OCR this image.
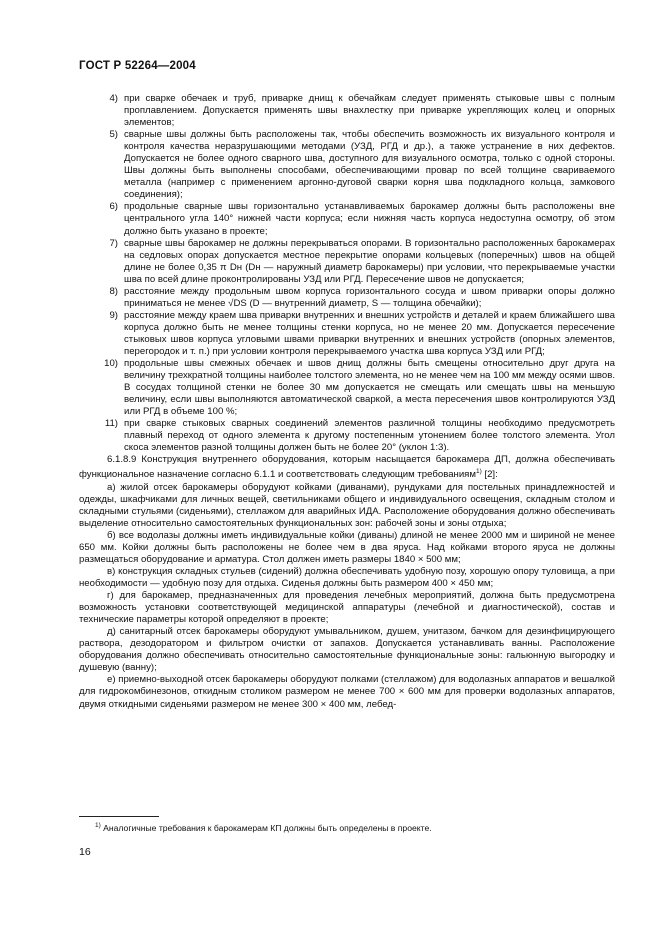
ГОСТ Р 52264—2004
4) при сварке обечаек и труб, приварке днищ к обечайкам следует применять стыковые швы с полным проплавлением. Допускается применять швы внахлестку при приварке укрепляющих колец и опорных элементов;
5) сварные швы должны быть расположены так, чтобы обеспечить возможность их визуального контроля и контроля качества неразрушающими методами (УЗД, РГД и др.), а также устранение в них дефектов. Допускается не более одного сварного шва, доступного для визуального осмотра, только с одной стороны. Швы должны быть выполнены способами, обеспечивающими провар по всей толщине свариваемого металла (например с применением аргонно-дуговой сварки корня шва подкладного кольца, замкового соединения);
6) продольные сварные швы горизонтально устанавливаемых барокамер должны быть расположены вне центрального угла 140° нижней части корпуса; если нижняя часть корпуса недоступна осмотру, об этом должно быть указано в проекте;
7) сварные швы барокамер не должны перекрываться опорами. В горизонтально расположенных барокамерах на седловых опорах допускается местное перекрытие опорами кольцевых (поперечных) швов на общей длине не более 0,35 π Dн (Dн — наружный диаметр барокамеры) при условии, что перекрываемые участки шва по всей длине проконтролированы УЗД или РГД. Пересечение швов не допускается;
8) расстояние между продольным швом корпуса горизонтального сосуда и швом приварки опоры должно приниматься не менее √DS (D — внутренний диаметр, S — толщина обечайки);
9) расстояние между краем шва приварки внутренних и внешних устройств и деталей и краем ближайшего шва корпуса должно быть не менее толщины стенки корпуса, но не менее 20 мм. Допускается пересечение стыковых швов корпуса угловыми швами приварки внутренних и внешних устройств (опорных элементов, перегородок и т. п.) при условии контроля перекрываемого участка шва корпуса УЗД или РГД;
10) продольные швы смежных обечаек и швов днищ должны быть смещены относительно друг друга на величину трехкратной толщины наиболее толстого элемента, но не менее чем на 100 мм между осями швов. В сосудах толщиной стенки не более 30 мм допускается не смещать или смещать швы на меньшую величину, если швы выполняются автоматической сваркой, а места пересечения швов контролируются УЗД или РГД в объеме 100 %;
11) при сварке стыковых сварных соединений элементов различной толщины необходимо предусмотреть плавный переход от одного элемента к другому постепенным утонением более толстого элемента. Угол скоса элементов разной толщины должен быть не более 20° (уклон 1:3).

6.1.8.9 Конструкция внутреннего оборудования, которым насыщается барокамера ДП, должна обеспечивать функциональное назначение согласно 6.1.1 и соответствовать следующим требованиям$^{1)}$ [2]:

а) жилой отсек барокамеры оборудуют койками (диванами), рундуками для постельных принадлежностей и одежды, шкафчиками для личных вещей, светильниками общего и индивидуального освещения, складным столом и складными стульями (сиденьями), стеллажом для аварийных ИДА. Расположение оборудования должно обеспечивать выделение относительно самостоятельных функциональных зон: рабочей зоны и зоны отдыха;

б) все водолазы должны иметь индивидуальные койки (диваны) длиной не менее 2000 мм и шириной не менее 650 мм. Койки должны быть расположены не более чем в два яруса. Над койками второго яруса не должны размещаться оборудование и арматура. Стол должен иметь размеры 1840 × 500 мм;

в) конструкция складных стульев (сидений) должна обеспечивать удобную позу, хорошую опору туловища, а при необходимости — удобную позу для отдыха. Сиденья должны быть размером 400 × 450 мм;

г) для барокамер, предназначенных для проведения лечебных мероприятий, должна быть предусмотрена возможность установки соответствующей медицинской аппаратуры (лечебной и диагностической), состав и технические параметры которой определяют в проекте;

д) санитарный отсек барокамеры оборудуют умывальником, душем, унитазом, бачком для дезинфицирующего раствора, дезодоратором и фильтром очистки от запахов. Допускается устанавливать ванны. Расположение оборудования должно обеспечивать относительно самостоятельные функциональные зоны: гальюнную выгородку и душевую (ванну);

е) приемно-выходной отсек барокамеры оборудуют полками (стеллажом) для водолазных аппаратов и вешалкой для гидрокомбинезонов, откидным столиком размером не менее 700 × 600 мм для проверки водолазных аппаратов, двумя откидными сиденьями размером не менее 300 × 400 мм, лебед-

$^{1)}$ Аналогичные требования к барокамерам КП должны быть определены в проекте.
16
